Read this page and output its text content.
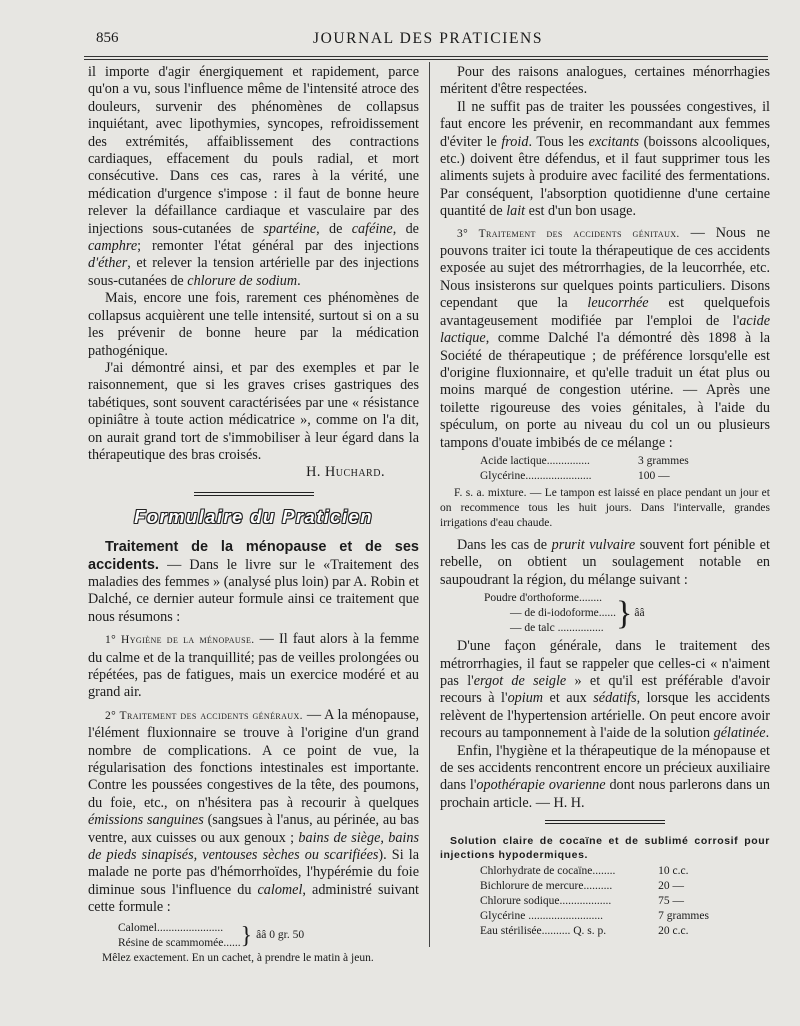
856	JOURNAL DES PRATICIENS

il importe d'agir énergiquement et rapidement, parce qu'on a vu, sous l'influence même de l'intensité atroce des douleurs, survenir des phénomènes de collapsus inquiétant, avec lipothymies, syncopes, refroidissement des extrémités, affaiblissement des contractions cardiaques, effacement du pouls radial, et mort consécutive. Dans ces cas, rares à la vérité, une médication d'urgence s'impose : il faut de bonne heure relever la défaillance cardiaque et vasculaire par des injections sous-cutanées de spartéine, de caféine, de camphre; remonter l'état général par des injections d'éther, et relever la tension artérielle par des injections sous-cutanées de chlorure de sodium.

Mais, encore une fois, rarement ces phénomènes de collapsus acquièrent une telle intensité, surtout si on a su les prévenir de bonne heure par la médication pathogénique.

J'ai démontré ainsi, et par des exemples et par le raisonnement, que si les graves crises gastriques des tabétiques, sont souvent caractérisées par une « résistance opiniâtre à toute action médicatrice », comme on l'a dit, on aurait grand tort de s'immobiliser à leur égard dans la thérapeutique des bras croisés.

H. Huchard.

Formulaire du Praticien

Traitement de la ménopause et de ses accidents. — Dans le livre sur le «Traitement des maladies des femmes » (analysé plus loin) par A. Robin et Dalché, ce dernier auteur formule ainsi ce traitement que nous résumons :

1° Hygiène de la ménopause. — Il faut alors à la femme du calme et de la tranquillité; pas de veilles prolongées ou répétées, pas de fatigues, mais un exercice modéré et au grand air.

2° Traitement des accidents généraux. — A la ménopause, l'élément fluxionnaire se trouve à l'origine d'un grand nombre de complications. A ce point de vue, la régularisation des fonctions intestinales est importante. Contre les poussées congestives de la tête, des poumons, du foie, etc., on n'hésitera pas à recourir à quelques émissions sanguines (sangsues à l'anus, au périnée, au bas ventre, aux cuisses ou aux genoux ; bains de siège, bains de pieds sinapisés, ventouses sèches ou scarifiées). Si la malade ne porte pas d'hémorrhoïdes, l'hypérémie du foie diminue sous l'influence du calomel, administré suivant cette formule :

Calomel.......................	}	ââ 0 gr. 50
Résine de scammomée......

Mêlez exactement. En un cachet, à prendre le matin à jeun.

Pour des raisons analogues, certaines ménorrhagies méritent d'être respectées.

Il ne suffit pas de traiter les poussées congestives, il faut encore les prévenir, en recommandant aux femmes d'éviter le froid. Tous les excitants (boissons alcooliques, etc.) doivent être défendus, et il faut supprimer tous les aliments sujets à produire avec facilité des fermentations. Par conséquent, l'absorption quotidienne d'une certaine quantité de lait est d'un bon usage.

3° Traitement des accidents génitaux. — Nous ne pouvons traiter ici toute la thérapeutique de ces accidents exposée au sujet des métrorrhagies, de la leucorrhée, etc. Nous insisterons sur quelques points particuliers. Disons cependant que la leucorrhée est quelquefois avantageusement modifiée par l'emploi de l'acide lactique, comme Dalché l'a démontré dès 1898 à la Société de thérapeutique ; de préférence lorsqu'elle est d'origine fluxionnaire, et qu'elle traduit un état plus ou moins marqué de congestion utérine. — Après une toilette rigoureuse des voies génitales, à l'aide du spéculum, on porte au niveau du col un ou plusieurs tampons d'ouate imbibés de ce mélange :

Acide lactique...............	3 grammes
Glycérine.......................	100 —

F. s. a. mixture. — Le tampon est laissé en place pendant un jour et on recommence tous les huit jours. Dans l'intervalle, grandes irrigations d'eau chaude.

Dans les cas de prurit vulvaire souvent fort pénible et rebelle, on obtient un soulagement notable en saupoudrant la région, du mélange suivant :

Poudre d'orthoforme........	}	ââ
— de di-iodoforme......
— de talc ................

D'une façon générale, dans le traitement des métrorrhagies, il faut se rappeler que celles-ci « n'aiment pas l'ergot de seigle » et qu'il est préférable d'avoir recours à l'opium et aux sédatifs, lorsque les accidents relèvent de l'hypertension artérielle. On peut encore avoir recours au tamponnement à l'aide de la solution gélatinée.

Enfin, l'hygiène et la thérapeutique de la ménopause et de ses accidents rencontrent encore un précieux auxiliaire dans l'opothérapie ovarienne dont nous parlerons dans un prochain article. — H. H.

Solution claire de cocaïne et de sublimé corrosif pour injections hypodermiques.

Chlorhydrate de cocaïne........	10 c.c.
Bichlorure de mercure..........	20 —
Chlorure sodique..................	75 —
Glycérine ..........................	7 grammes
Eau stérilisée.......... Q. s. p.	20 c.c.
